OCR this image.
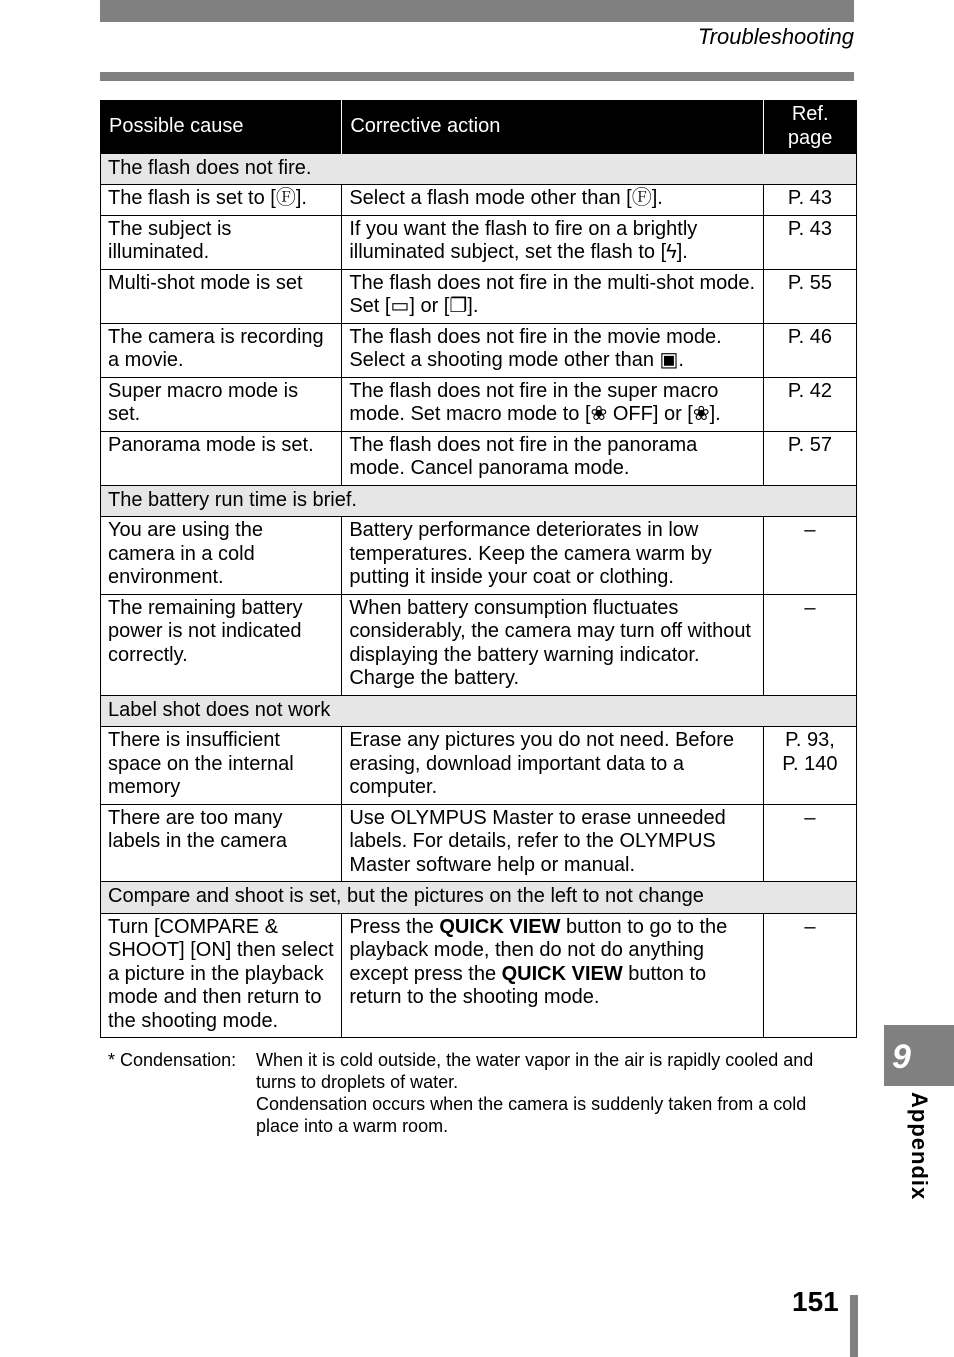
Troubleshooting
Possible cause	Corrective action	Ref. page
The flash does not fire.		
The flash is set to [Ⓕ].	Select a flash mode other than [Ⓕ].	P. 43
The subject is illuminated.	If you want the flash to fire on a brightly illuminated subject, set the flash to [ϟ].	P. 43
Multi-shot mode is set	The flash does not fire in the multi-shot mode. Set [▭] or [❐].	P. 55
The camera is recording a movie.	The flash does not fire in the movie mode. Select a shooting mode other than ▣.	P. 46
Super macro mode is set.	The flash does not fire in the super macro mode. Set macro mode to [❀ OFF] or [❀].	P. 42
Panorama mode is set.	The flash does not fire in the panorama mode. Cancel panorama mode.	P. 57
The battery run time is brief.		
You are using the camera in a cold environment.	Battery performance deteriorates in low temperatures. Keep the camera warm by putting it inside your coat or clothing.	–
The remaining battery power is not indicated correctly.	When battery consumption fluctuates considerably, the camera may turn off without displaying the battery warning indicator. Charge the battery.	–
Label shot does not work		
There is insufficient space on the internal memory	Erase any pictures you do not need. Before erasing, download important data to a computer.	P. 93, P. 140
There are too many labels in the camera	Use OLYMPUS Master to erase unneeded labels. For details, refer to the OLYMPUS Master software help or manual.	–
Compare and shoot is set, but the pictures on the left to not change		
Turn [COMPARE & SHOOT] [ON] then select a picture in the playback mode and then return to the shooting mode.	Press the QUICK VIEW button to go to the playback mode, then do not do anything except press the QUICK VIEW button to return to the shooting mode.	–
* Condensation: When it is cold outside, the water vapor in the air is rapidly cooled and turns to droplets of water.

Condensation occurs when the camera is suddenly taken from a cold place into a warm room.

9
Appendix
151
